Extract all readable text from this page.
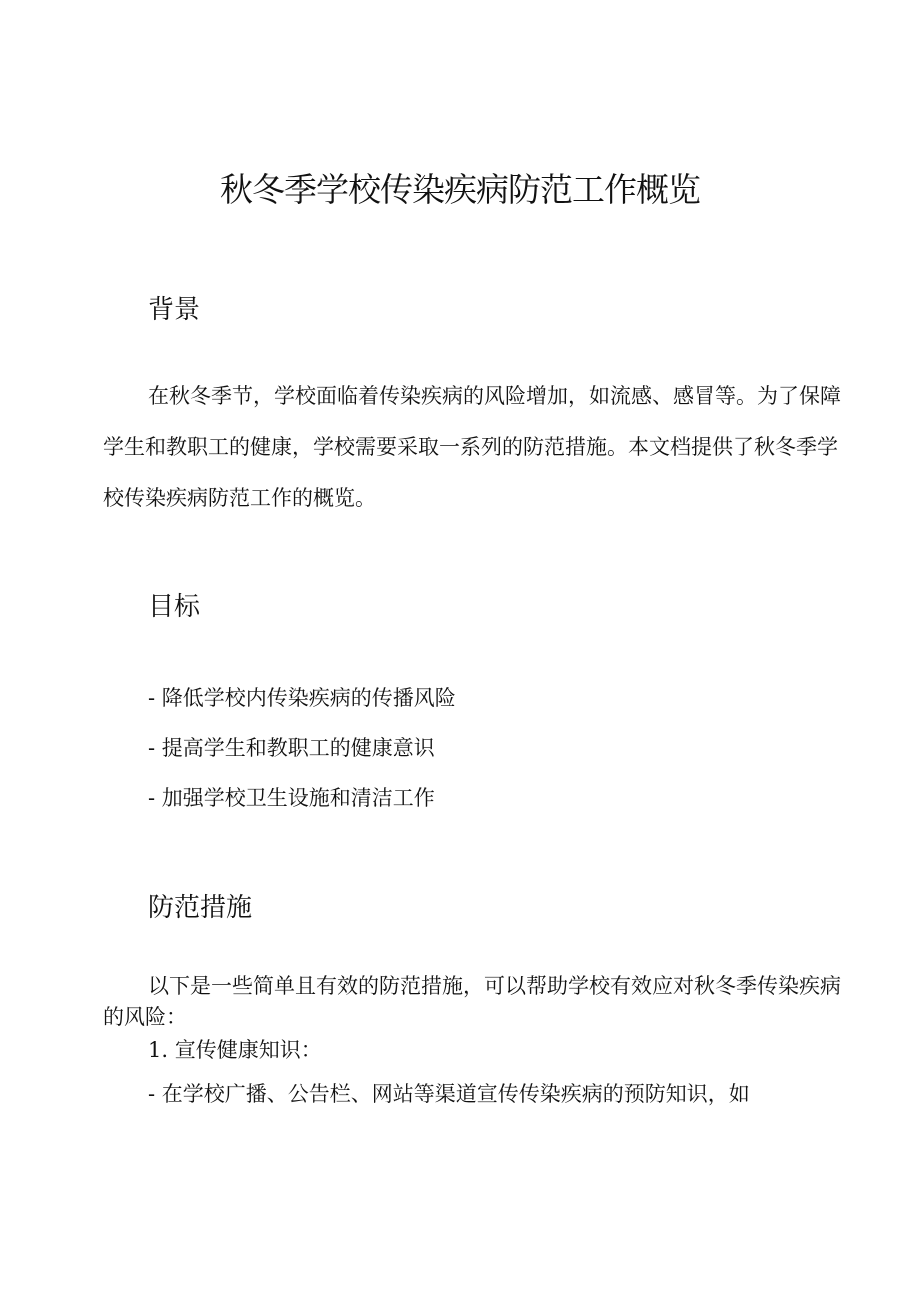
秋冬季学校传染疾病防范工作概览
背景

在秋冬季节，学校面临着传染疾病的风险增加，如流感、感冒等。为了保障学生和教职工的健康，学校需要采取一系列的防范措施。本文档提供了秋冬季学校传染疾病防范工作的概览。

目标
- 降低学校内传染疾病的传播风险
- 提高学生和教职工的健康意识
- 加强学校卫生设施和清洁工作
防范措施

以下是一些简单且有效的防范措施，可以帮助学校有效应对秋冬季传染疾病的风险：

1. 宣传健康知识：

- 在学校广播、公告栏、网站等渠道宣传传染疾病的预防知识，如
